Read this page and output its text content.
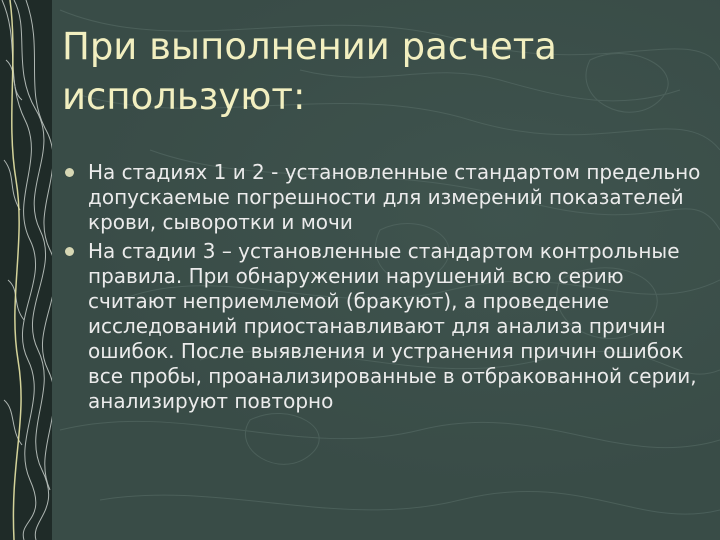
При выполнении расчета используют:
На стадиях 1 и 2 - установленные стандартом предельно допускаемые погрешности для измерений показателей крови, сыворотки и мочи
На стадии 3 – установленные стандартом контрольные правила. При обнаружении нарушений всю серию считают неприемлемой (бракуют), а проведение исследований приостанавливают для анализа причин ошибок. После выявления и устранения причин ошибок все пробы, проанализированные в отбракованной серии, анализируют повторно
